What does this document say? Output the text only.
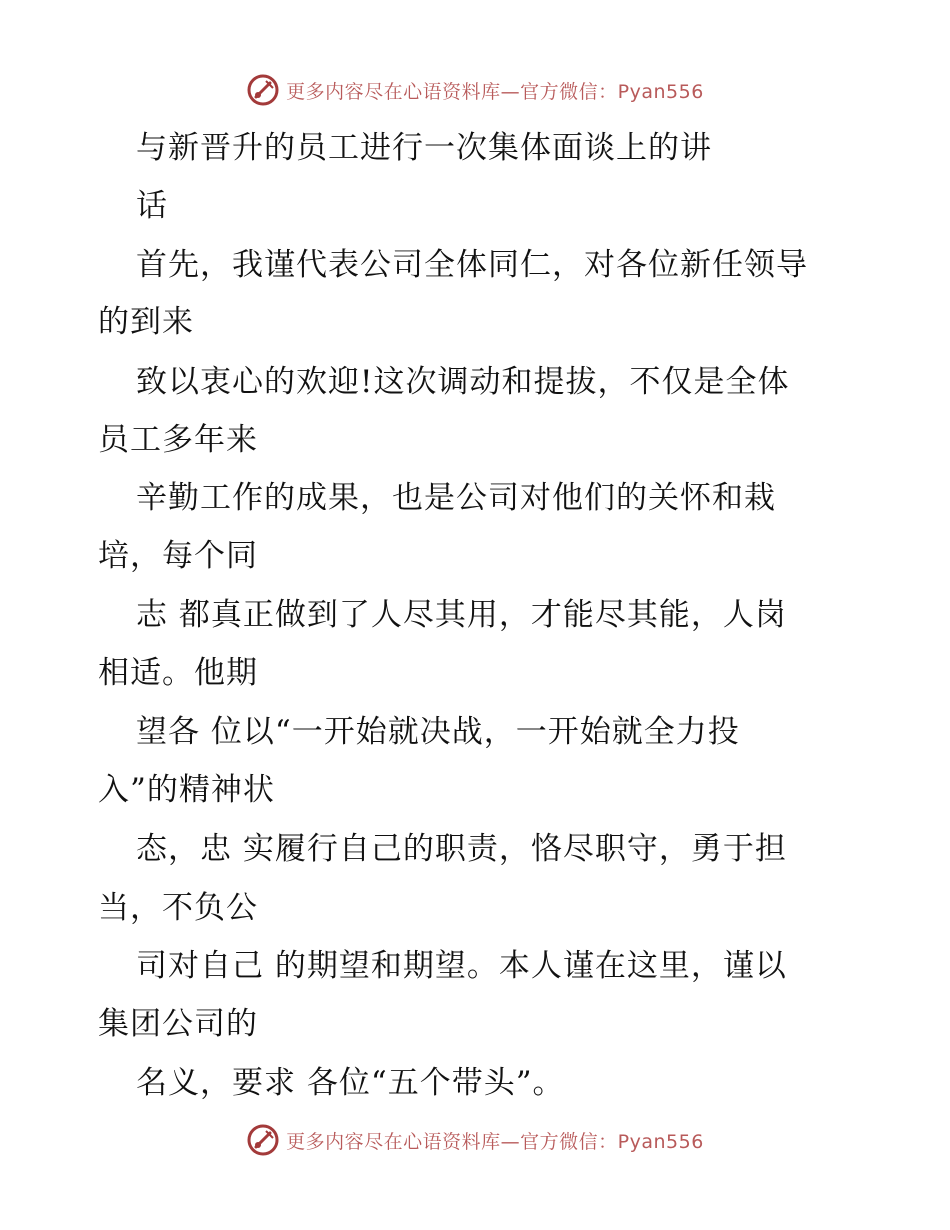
更多内容尽在心语资料库—官方微信：Pyan556
与新晋升的员工进行一次集体面谈上的讲
话
首先，我谨代表公司全体同仁，对各位新任领导
的到来
致以衷心的欢迎!这次调动和提拔，不仅是全体
员工多年来
辛勤工作的成果，也是公司对他们的关怀和栽
培，每个同
志 都真正做到了人尽其用，才能尽其能，人岗
相适。他期
望各 位以“一开始就决战，一开始就全力投
入”的精神状
态，忠 实履行自己的职责，恪尽职守，勇于担
当，不负公
司对自己 的期望和期望。本人谨在这里，谨以
集团公司的
名义，要求 各位“五个带头”。
更多内容尽在心语资料库—官方微信：Pyan556
